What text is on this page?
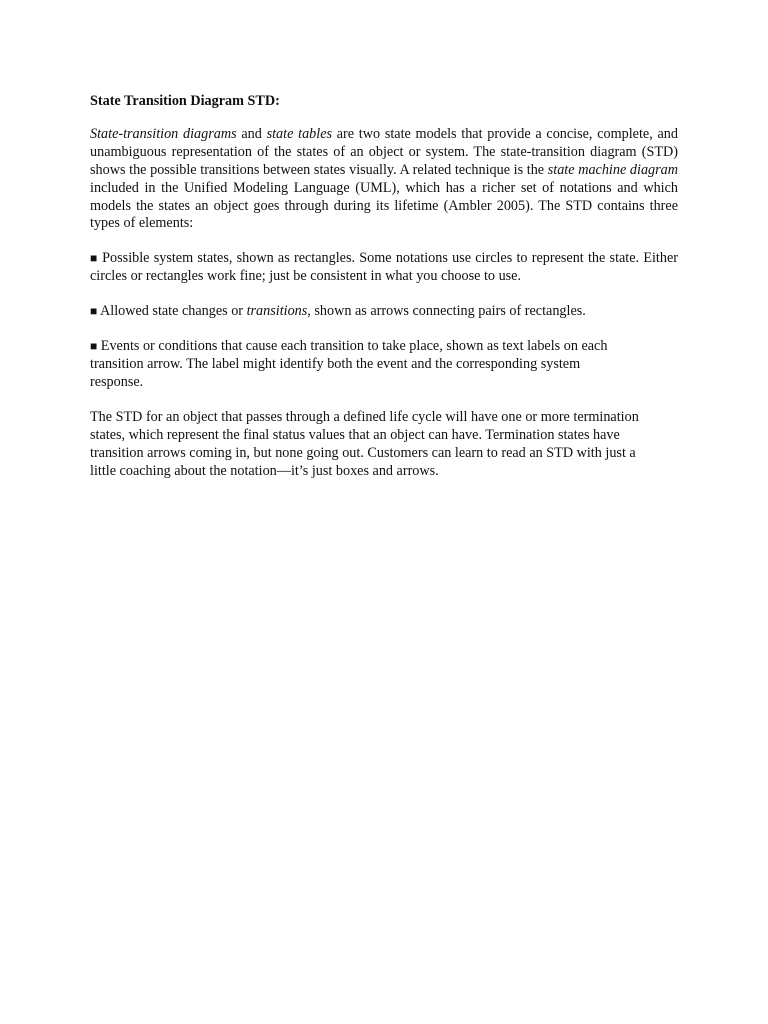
State Transition Diagram STD:
State-transition diagrams and state tables are two state models that provide a concise, complete, and unambiguous representation of the states of an object or system. The state-transition diagram (STD) shows the possible transitions between states visually. A related technique is the state machine diagram included in the Unified Modeling Language (UML), which has a richer set of notations and which models the states an object goes through during its lifetime (Ambler 2005). The STD contains three types of elements:
■ Possible system states, shown as rectangles. Some notations use circles to represent the state. Either circles or rectangles work fine; just be consistent in what you choose to use.
■ Allowed state changes or transitions, shown as arrows connecting pairs of rectangles.
■ Events or conditions that cause each transition to take place, shown as text labels on each
transition arrow. The label might identify both the event and the corresponding system
response.
The STD for an object that passes through a defined life cycle will have one or more termination
states, which represent the final status values that an object can have. Termination states have
transition arrows coming in, but none going out. Customers can learn to read an STD with just a
little coaching about the notation—it’s just boxes and arrows.
